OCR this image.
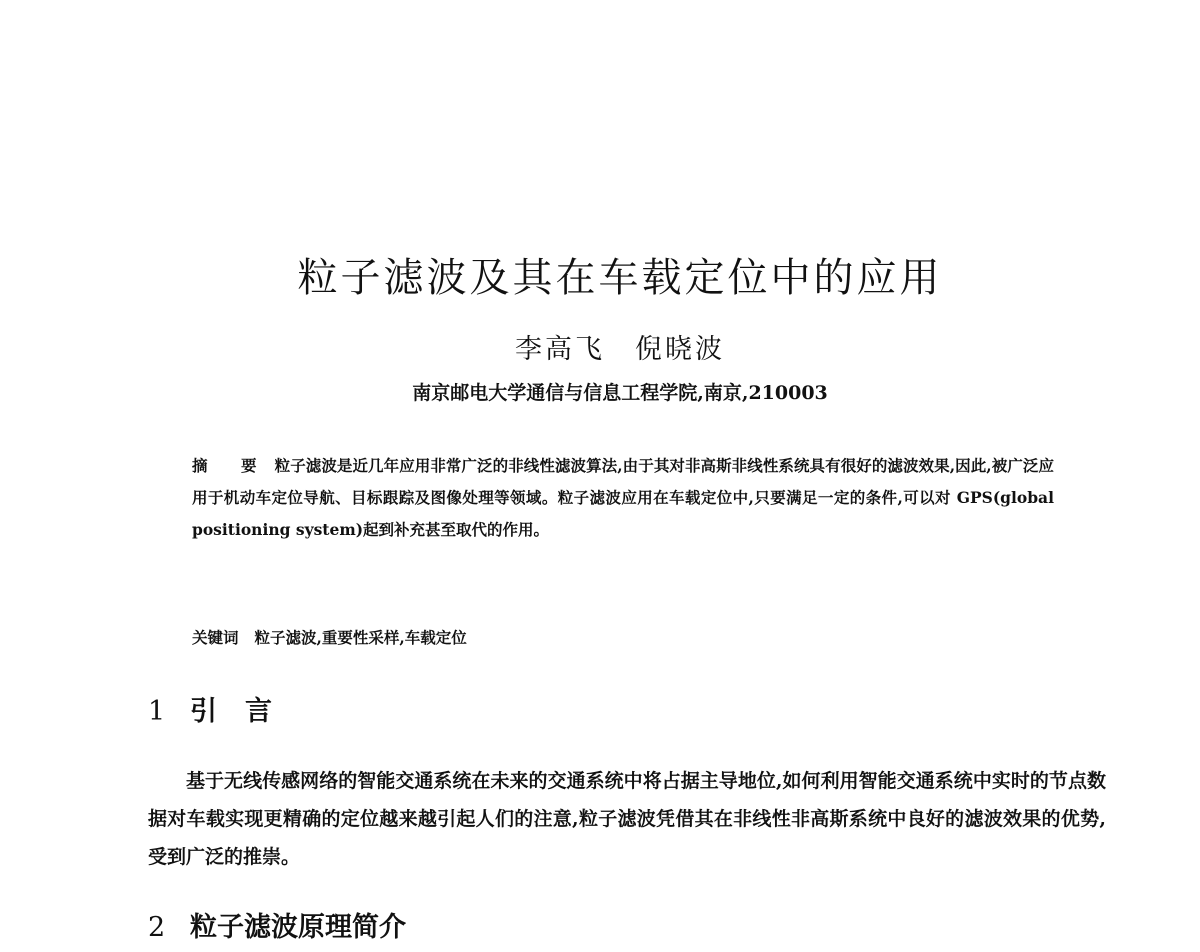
粒子滤波及其在车载定位中的应用
李高飞 倪晓波
南京邮电大学通信与信息工程学院,南京,210003
摘 要 粒子滤波是近几年应用非常广泛的非线性滤波算法,由于其对非高斯非线性系统具有很好的滤波效果,因此,被广泛应用于机动车定位导航、目标跟踪及图像处理等领域。粒子滤波应用在车载定位中,只要满足一定的条件,可以对 GPS(global positioning system)起到补充甚至取代的作用。
关键词 粒子滤波,重要性采样,车载定位
1 引言
基于无线传感网络的智能交通系统在未来的交通系统中将占据主导地位,如何利用智能交通系统中实时的节点数据对车载实现更精确的定位越来越引起人们的注意,粒子滤波凭借其在非线性非高斯系统中良好的滤波效果的优势,受到广泛的推崇。
2 粒子滤波原理简介
